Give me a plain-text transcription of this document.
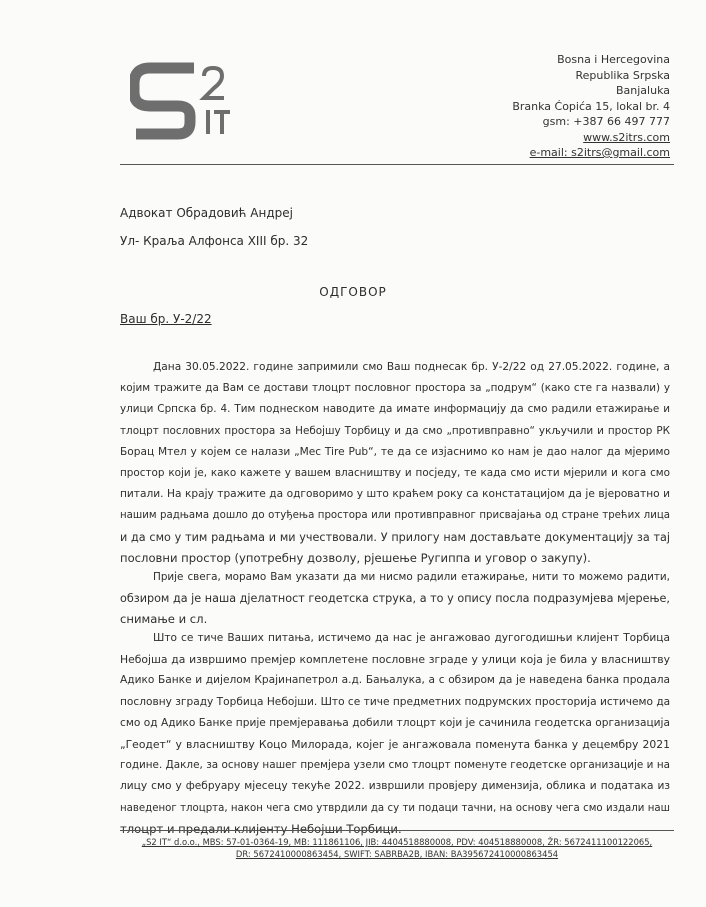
Bosna i Hercegovina
Republika Srpska
Banjaluka
Branka Ćopića 15, lokal br. 4
gsm: +387 66 497 777
www.s2itrs.com
e-mail: s2itrs@gmail.com
Адвокат Обрадовић Андреј
Ул- Краља Алфонса XIII бр. 32
ОДГОВОР
Ваш бр. У-2/22
Дана 30.05.2022. године запримили смо Ваш поднесак бр. У-2/22 од 27.05.2022. године, а
којим тражите да Вам се достави тлоцрт пословног простора за „подрум“ (како сте га назвали) у
улици Српска бр. 4. Тим поднеском наводите да имате информацију да смо радили етажирање и
тлоцрт пословних простора за Небојшу Торбицу и да смо „противправно“ укључили и простор РК
Борац Мтел у којем се налази „Mec Tire Pub“, те да се изјаснимо ко нам је дао налог да мјеримо
простор који је, како кажете у вашем власништву и посједу, те када смо исти мјерили и кога смо
питали. На крају тражите да одговоримо у што краћем року са констатацијом да је вјероватно и
нашим радњама дошло до отуђења простора или противправног присвајања од стране трећих лица
и да смо у тим радњама и ми учествовали. У прилогу нам достављате документацију за тај
пословни простор (употребну дозволу, рјешење Ругиппа и уговор о закупу).
Прије свега, морамо Вам указати да ми нисмо радили етажирање, нити то можемо радити,
обзиром да је наша дјелатност геодетска струка, а то у опису посла подразумјева мјерење,
снимање и сл.
Што се тиче Ваших питања, истичемо да нас је ангажовао дугогодишњи клијент Торбица
Небојша да извршимо премјер комплетене пословне зграде у улици која је била у власништву
Адико Банке и дијелом Крајинапетрол а.д. Бањалука, а с обзиром да је наведена банка продала
пословну зграду Торбица Небојши. Што се тиче предметних подрумских просторија истичемо да
смо од Адико Банке прије премјеравања добили тлоцрт који је сачинила геодетска организација
„Геодет“ у власништву Коцо Милорада, којег је ангажовала поменута банка у децембру 2021
године. Дакле, за основу нашег премјера узели смо тлоцрт поменуте геодетске организације и на
лицу смо у фебруару мјесецу текуће 2022. извршили провјеру димензија, облика и података из
наведеног тлоцрта, након чега смо утврдили да су ти подаци тачни, на основу чега смо издали наш
тлоцрт и предали клијенту Небојши Торбици.
„S2 IT“ d.o.o., MBS: 57-01-0364-19, MB: 111861106, JIB: 4404518880008, PDV: 404518880008, ŽR: 5672411100122065,
DR: 5672410000863454, SWIFT: SABRBA2B, IBAN: BA395672410000863454
